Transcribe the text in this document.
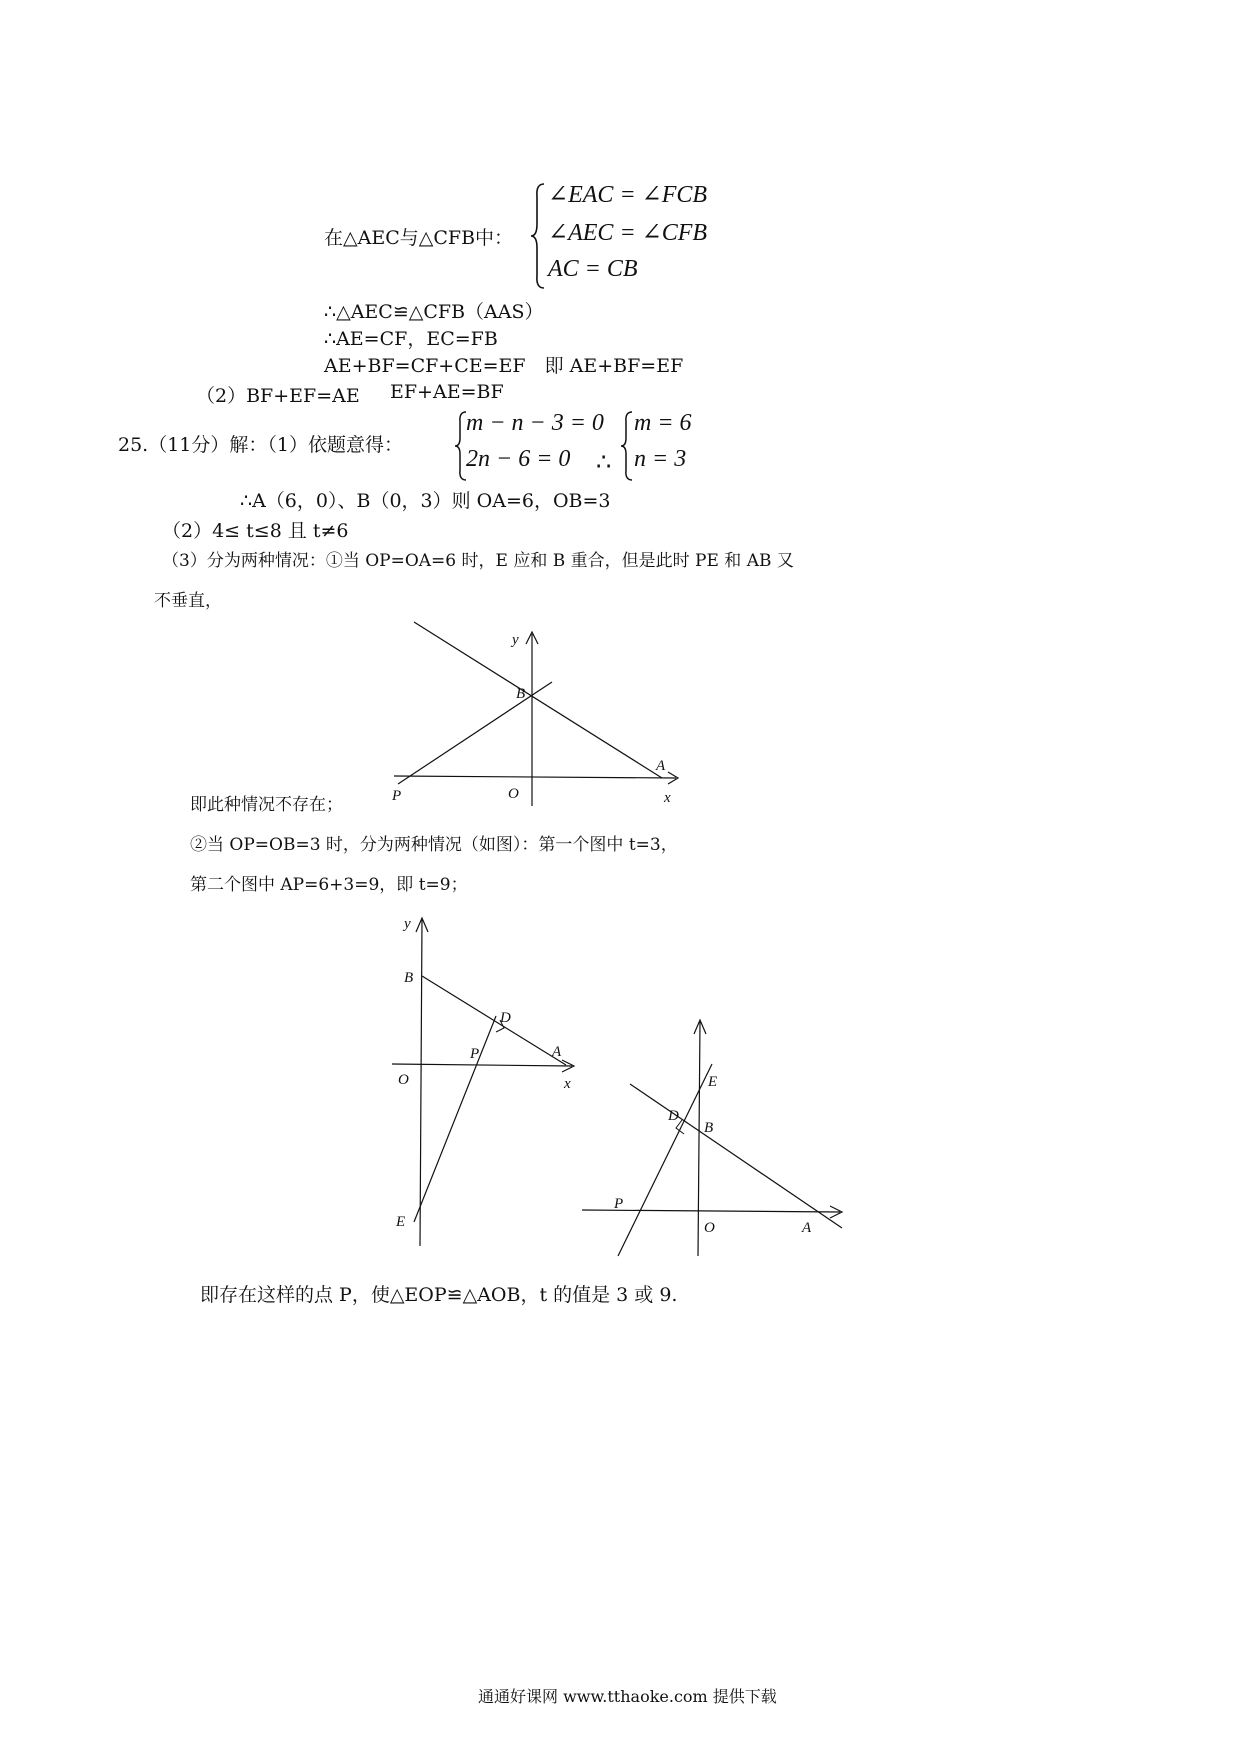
在△AEC与△CFB中：
∠EAC = ∠FCB
∠AEC = ∠CFB
AC = CB
∴△AEC≌△CFB（AAS）
∴AE=CF，EC=FB
AE+BF=CF+CE=EF　即 AE+BF=EF
（2）BF+EF=AE EF+AE=BF
25.（11分）解：（1）依题意得：
m − n − 3 = 0
2n − 6 = 0 ∴
m = 6
n = 3
∴A（6，0）、B（0，3）则 OA=6，OB=3
（2）4≤ t≤8 且 t≠6
（3）分为两种情况：①当 OP=OA=6 时，E 应和 B 重合，但是此时 PE 和 AB 又
不垂直，
y
B
A
P	O	x
即此种情况不存在；
②当 OP=OB=3 时，分为两种情况（如图）：第一个图中 t=3，
第二个图中 AP=6+3=9，即 t=9；
y
B
D
P	A
O	x
E
E
D
B
P
O	A
即存在这样的点 P，使△EOP≌△AOB，t 的值是 3 或 9.
通通好课网 www.tthaoke.com 提供下载
